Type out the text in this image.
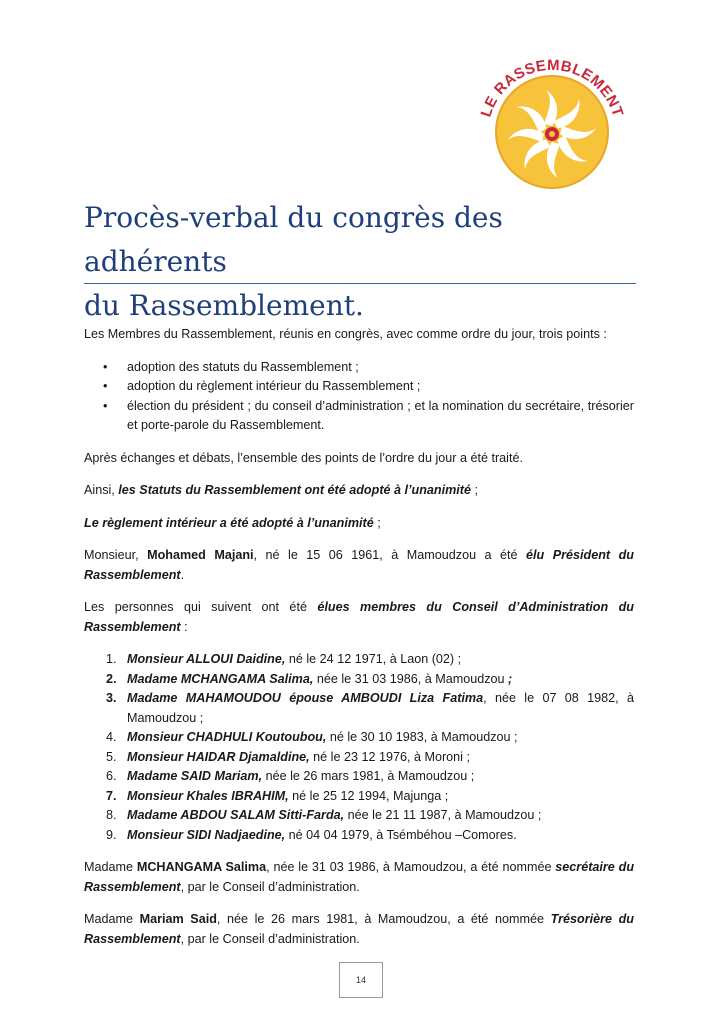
LE RASSEMBLEMENT
Procès-verbal du congrès des adhérents
du Rassemblement.

Les Membres du Rassemblement, réunis en congrès, avec comme ordre du jour, trois points :

• adoption des statuts du Rassemblement ;
• adoption du règlement intérieur du Rassemblement ;
• élection du président ; du conseil d’administration ; et la nomination du secrétaire, trésorier et porte-parole du Rassemblement.

Après échanges et débats, l’ensemble des points de l’ordre du jour a été traité.

Ainsi, les Statuts du Rassemblement ont été adopté à l’unanimité ;

Le règlement intérieur a été adopté à l’unanimité ;

Monsieur, Mohamed Majani, né le 15 06 1961, à Mamoudzou a été élu Président du Rassemblement.

Les personnes qui suivent ont été élues membres du Conseil d’Administration du Rassemblement :

1. Monsieur ALLOUI Daidine, né le 24 12 1971, à Laon (02) ;
2. Madame MCHANGAMA Salima, née le 31 03 1986, à Mamoudzou ;
3. Madame MAHAMOUDOU épouse AMBOUDI Liza Fatima, née le 07 08 1982, à Mamoudzou ;
4. Monsieur CHADHULI Koutoubou, né le 30 10 1983, à Mamoudzou ;
5. Monsieur HAIDAR Djamaldine, né le 23 12 1976, à Moroni ;
6. Madame SAID Mariam, née le 26 mars 1981, à Mamoudzou ;
7. Monsieur Khales IBRAHIM, né le 25 12 1994, Majunga ;
8. Madame ABDOU SALAM Sitti-Farda, née le 21 11 1987, à Mamoudzou ;
9. Monsieur SIDI Nadjaedine, né 04 04 1979, à Tsémbéhou –Comores.

Madame MCHANGAMA Salima, née le 31 03 1986, à Mamoudzou, a été nommée secrétaire du Rassemblement, par le Conseil d’administration.

Madame Mariam Said, née le 26 mars 1981, à Mamoudzou, a été nommée Trésorière du Rassemblement, par le Conseil d’administration.

14
